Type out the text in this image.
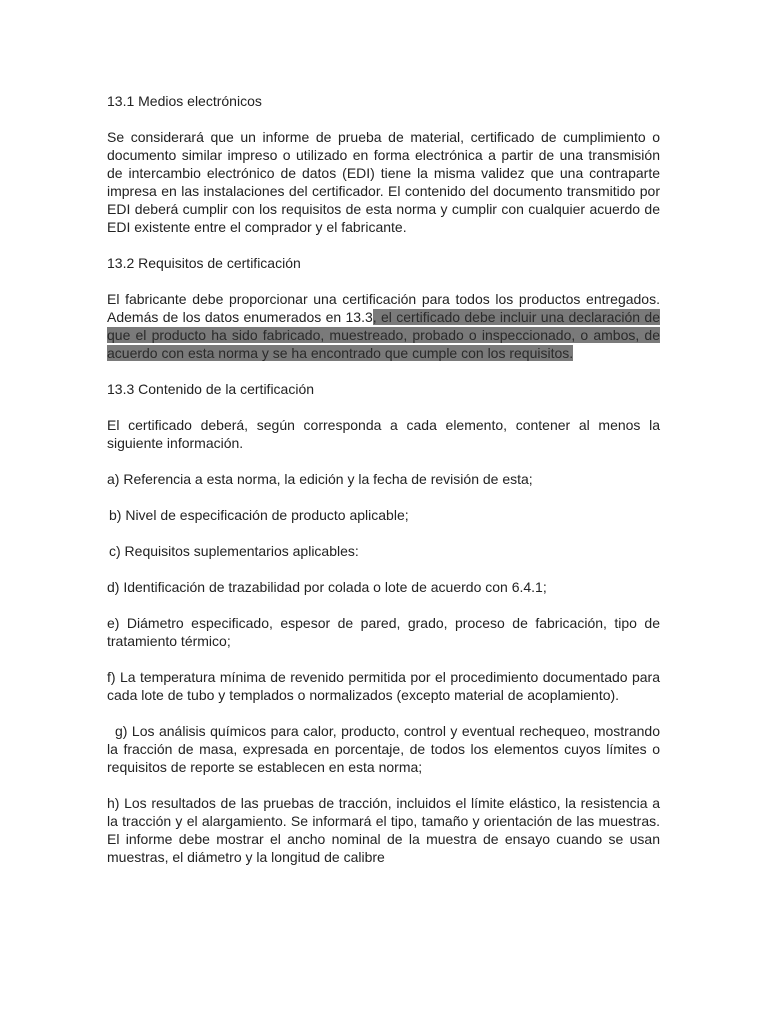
13.1 Medios electrónicos

Se considerará que un informe de prueba de material, certificado de cumplimiento o documento similar impreso o utilizado en forma electrónica a partir de una transmisión de intercambio electrónico de datos (EDI) tiene la misma validez que una contraparte impresa en las instalaciones del certificador. El contenido del documento transmitido por EDI deberá cumplir con los requisitos de esta norma y cumplir con cualquier acuerdo de EDI existente entre el comprador y el fabricante.

13.2 Requisitos de certificación

El fabricante debe proporcionar una certificación para todos los productos entregados. Además de los datos enumerados en 13.3, el certificado debe incluir una declaración de que el producto ha sido fabricado, muestreado, probado o inspeccionado, o ambos, de acuerdo con esta norma y se ha encontrado que cumple con los requisitos.

13.3 Contenido de la certificación

El certificado deberá, según corresponda a cada elemento, contener al menos la siguiente información.

a) Referencia a esta norma, la edición y la fecha de revisión de esta;

b) Nivel de especificación de producto aplicable;

c) Requisitos suplementarios aplicables:

d) Identificación de trazabilidad por colada o lote de acuerdo con 6.4.1;

e) Diámetro especificado, espesor de pared, grado, proceso de fabricación, tipo de tratamiento térmico;

f) La temperatura mínima de revenido permitida por el procedimiento documentado para cada lote de tubo y templados o normalizados (excepto material de acoplamiento).

g) Los análisis químicos para calor, producto, control y eventual rechequeo, mostrando la fracción de masa, expresada en porcentaje, de todos los elementos cuyos límites o requisitos de reporte se establecen en esta norma;

h) Los resultados de las pruebas de tracción, incluidos el límite elástico, la resistencia a la tracción y el alargamiento. Se informará el tipo, tamaño y orientación de las muestras. El informe debe mostrar el ancho nominal de la muestra de ensayo cuando se usan muestras, el diámetro y la longitud de calibre
